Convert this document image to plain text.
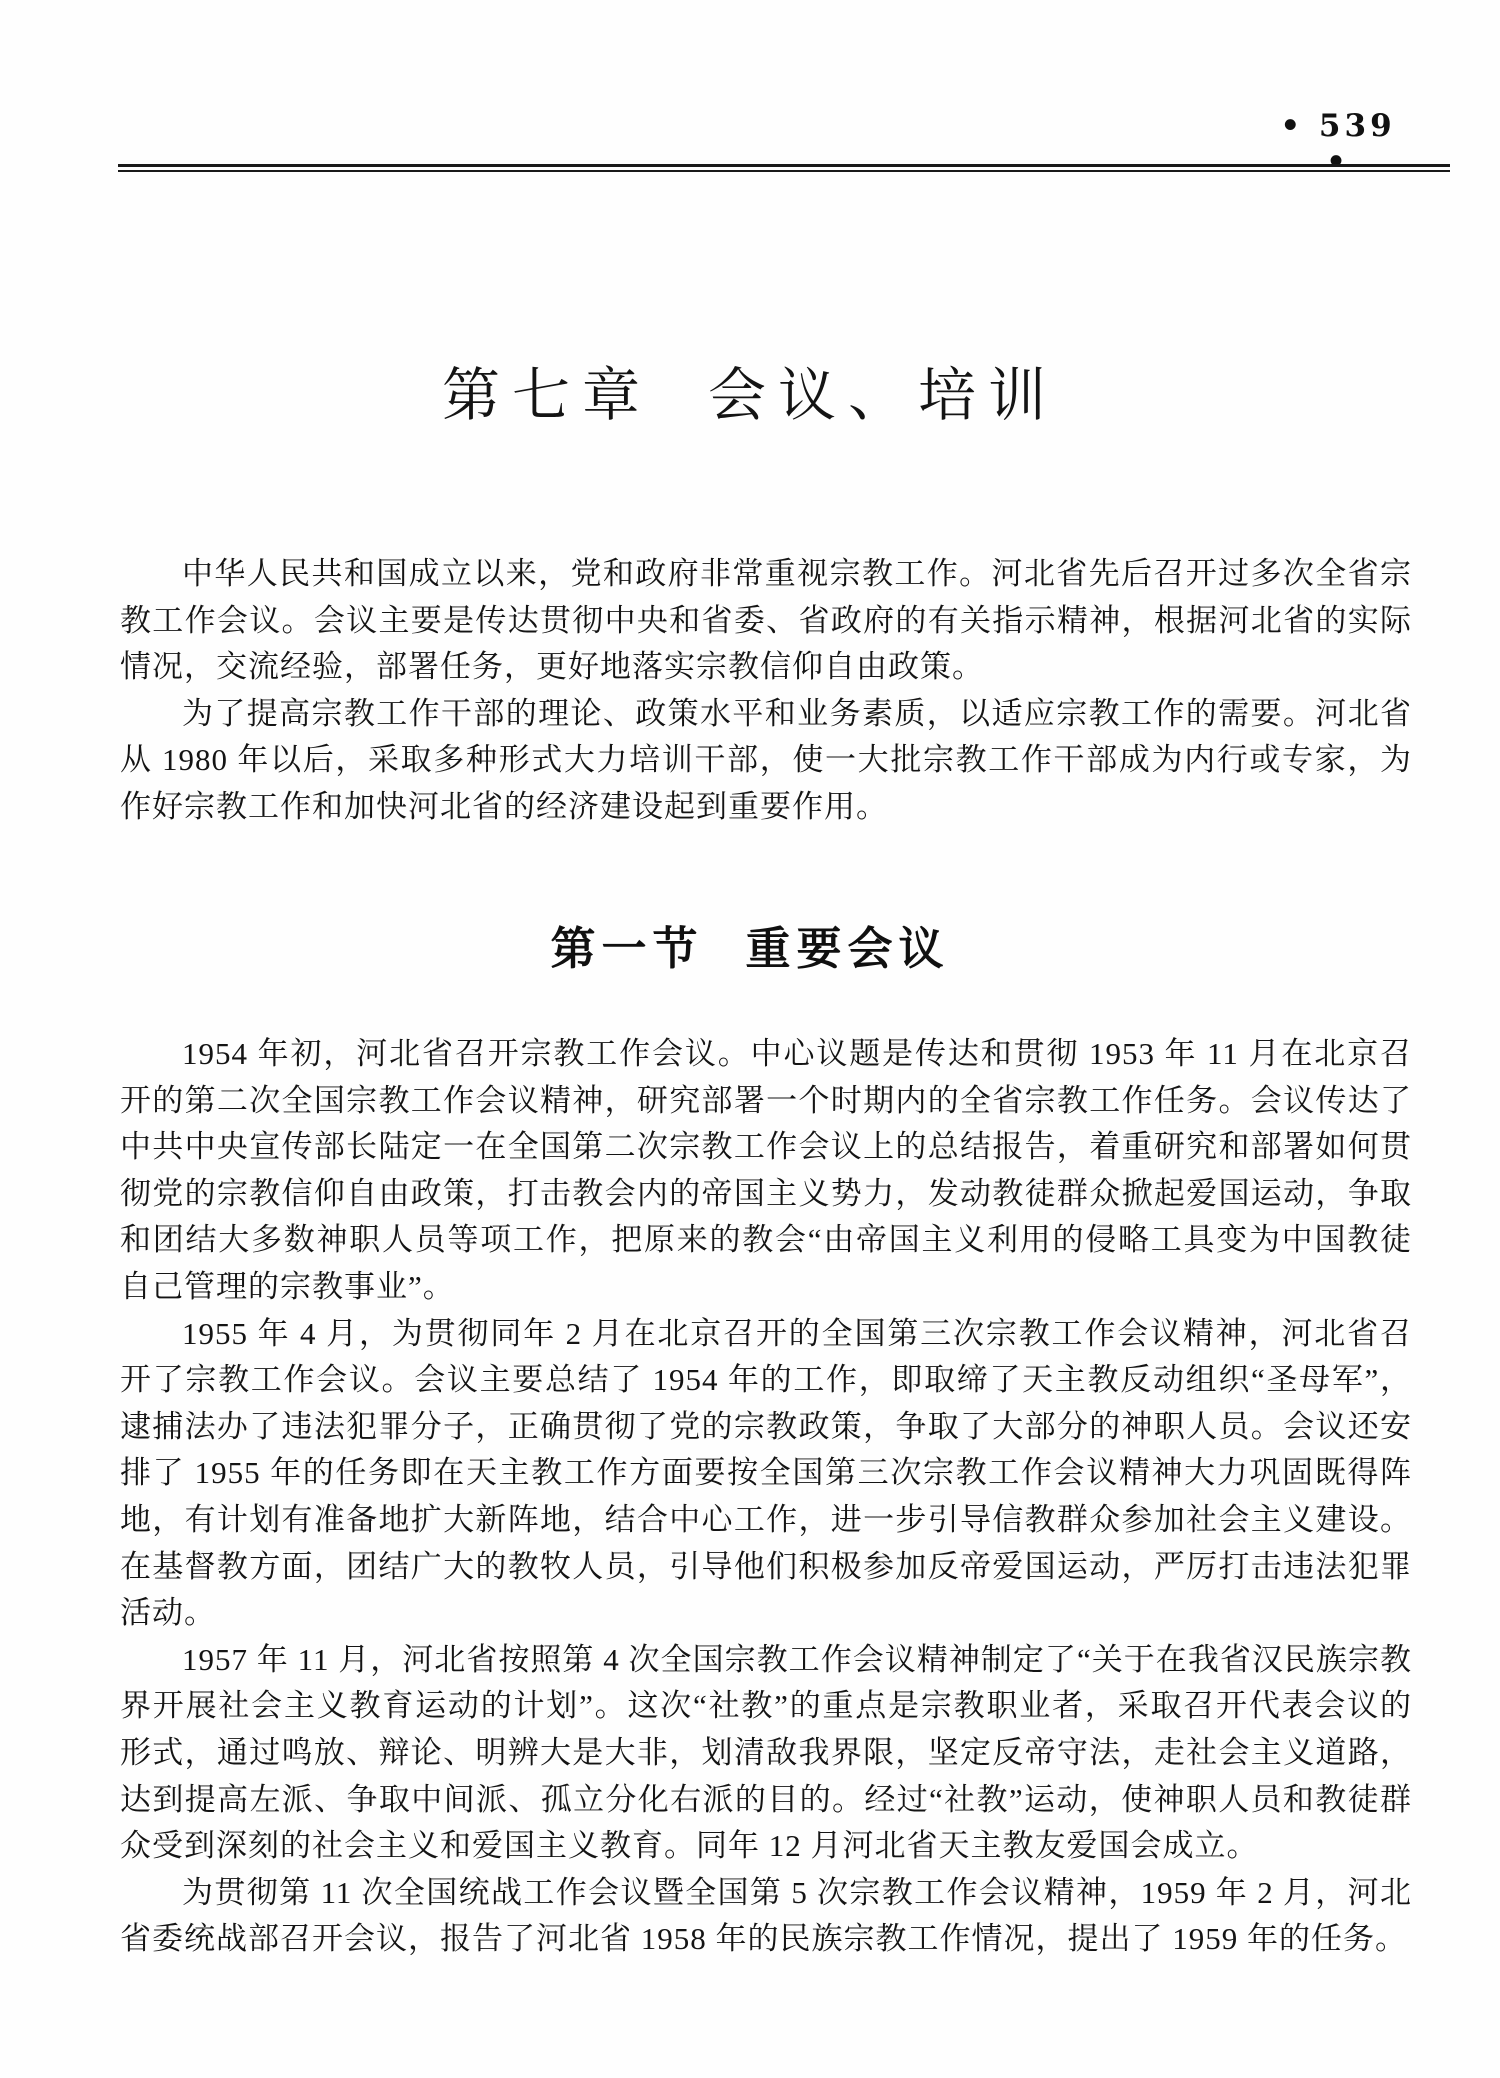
• 539 •
第七章 会议、培训

中华人民共和国成立以来，党和政府非常重视宗教工作。河北省先后召开过多次全省宗教工作会议。会议主要是传达贯彻中央和省委、省政府的有关指示精神，根据河北省的实际情况，交流经验，部署任务，更好地落实宗教信仰自由政策。

为了提高宗教工作干部的理论、政策水平和业务素质，以适应宗教工作的需要。河北省从 1980 年以后，采取多种形式大力培训干部，使一大批宗教工作干部成为内行或专家，为作好宗教工作和加快河北省的经济建设起到重要作用。

第一节 重要会议

1954 年初，河北省召开宗教工作会议。中心议题是传达和贯彻 1953 年 11 月在北京召开的第二次全国宗教工作会议精神，研究部署一个时期内的全省宗教工作任务。会议传达了中共中央宣传部长陆定一在全国第二次宗教工作会议上的总结报告，着重研究和部署如何贯彻党的宗教信仰自由政策，打击教会内的帝国主义势力，发动教徒群众掀起爱国运动，争取和团结大多数神职人员等项工作，把原来的教会“由帝国主义利用的侵略工具变为中国教徒自己管理的宗教事业”。

1955 年 4 月，为贯彻同年 2 月在北京召开的全国第三次宗教工作会议精神，河北省召开了宗教工作会议。会议主要总结了 1954 年的工作，即取缔了天主教反动组织“圣母军”，逮捕法办了违法犯罪分子，正确贯彻了党的宗教政策，争取了大部分的神职人员。会议还安排了 1955 年的任务即在天主教工作方面要按全国第三次宗教工作会议精神大力巩固既得阵地，有计划有准备地扩大新阵地，结合中心工作，进一步引导信教群众参加社会主义建设。在基督教方面，团结广大的教牧人员，引导他们积极参加反帝爱国运动，严厉打击违法犯罪活动。

1957 年 11 月，河北省按照第 4 次全国宗教工作会议精神制定了“关于在我省汉民族宗教界开展社会主义教育运动的计划”。这次“社教”的重点是宗教职业者，采取召开代表会议的形式，通过鸣放、辩论、明辨大是大非，划清敌我界限，坚定反帝守法，走社会主义道路，达到提高左派、争取中间派、孤立分化右派的目的。经过“社教”运动，使神职人员和教徒群众受到深刻的社会主义和爱国主义教育。同年 12 月河北省天主教友爱国会成立。

为贯彻第 11 次全国统战工作会议暨全国第 5 次宗教工作会议精神，1959 年 2 月，河北省委统战部召开会议，报告了河北省 1958 年的民族宗教工作情况，提出了 1959 年的任务。
